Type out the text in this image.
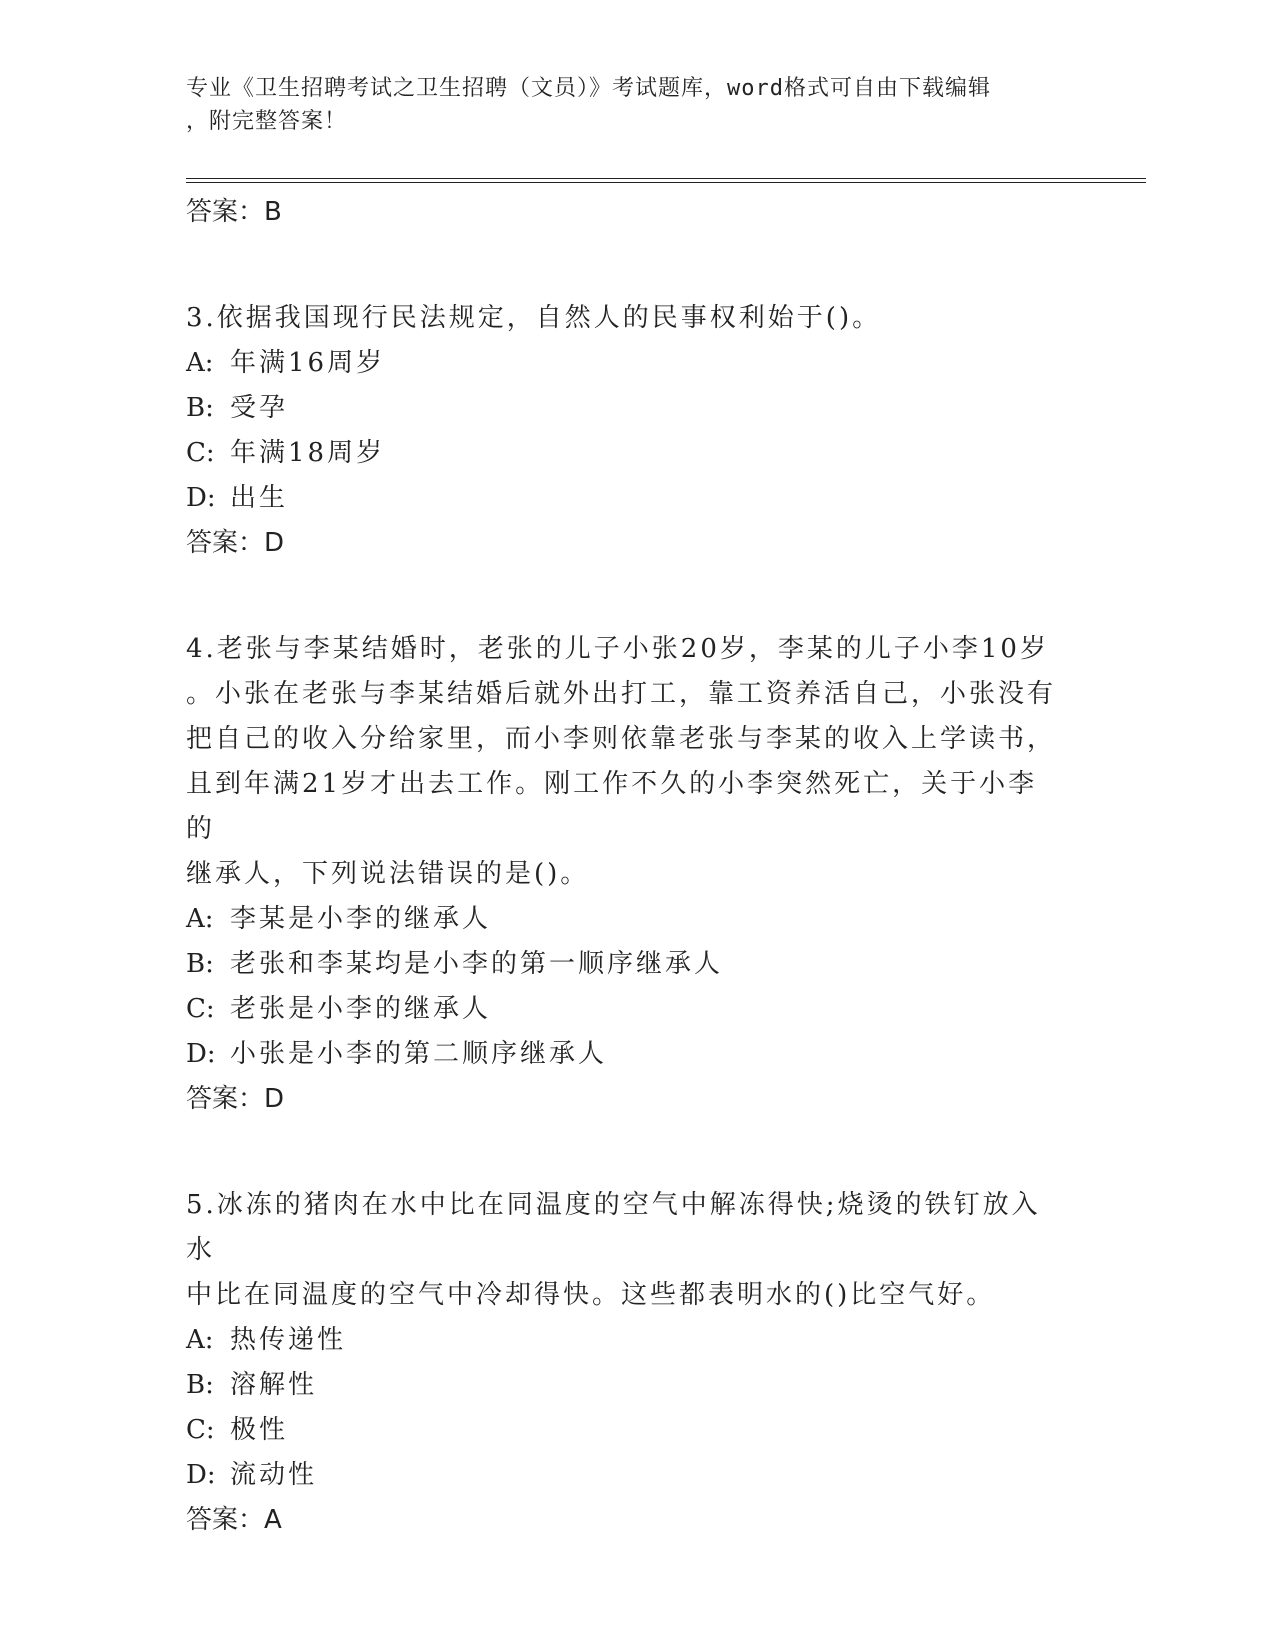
专业《卫生招聘考试之卫生招聘（文员）》考试题库，word格式可自由下载编辑
，附完整答案！
答案：B
3.依据我国现行民法规定，自然人的民事权利始于()。
A: 年满16周岁
B: 受孕
C: 年满18周岁
D: 出生
答案：D
4.老张与李某结婚时，老张的儿子小张20岁，李某的儿子小李10岁
。小张在老张与李某结婚后就外出打工，靠工资养活自己，小张没有
把自己的收入分给家里，而小李则依靠老张与李某的收入上学读书，
且到年满21岁才出去工作。刚工作不久的小李突然死亡，关于小李的
继承人，下列说法错误的是()。
A: 李某是小李的继承人
B: 老张和李某均是小李的第一顺序继承人
C: 老张是小李的继承人
D: 小张是小李的第二顺序继承人
答案：D
5.冰冻的猪肉在水中比在同温度的空气中解冻得快;烧烫的铁钉放入水
中比在同温度的空气中冷却得快。这些都表明水的()比空气好。
A: 热传递性
B: 溶解性
C: 极性
D: 流动性
答案：A
